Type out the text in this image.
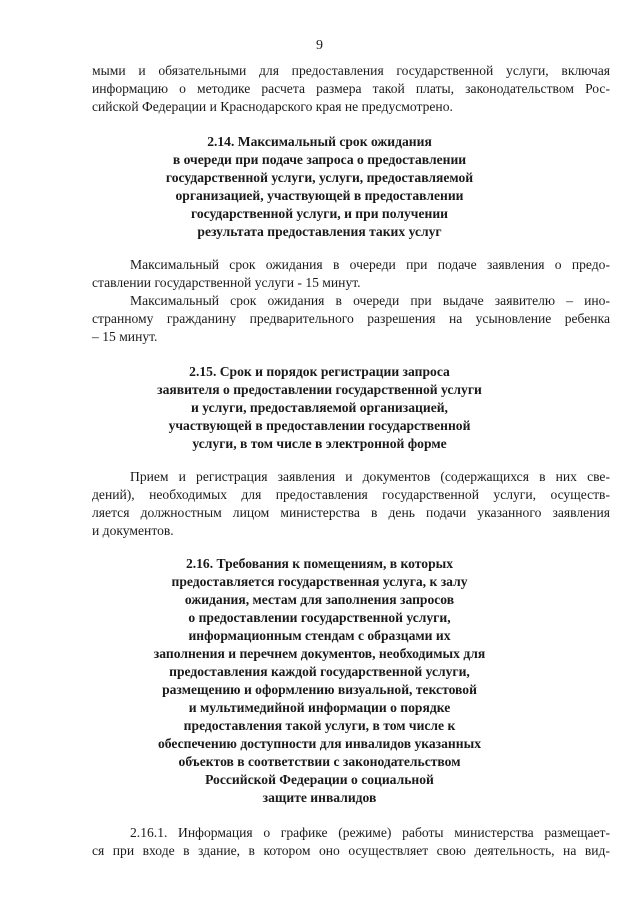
9
мыми и обязательными для предоставления государственной услуги, включая
информацию о методике расчета размера такой платы, законодательством Рос-
сийской Федерации и Краснодарского края не предусмотрено.
2.14. Максимальный срок ожидания
в очереди при подаче запроса о предоставлении
государственной услуги, услуги, предоставляемой
организацией, участвующей в предоставлении
государственной услуги, и при получении
результата предоставления таких услуг
Максимальный срок ожидания в очереди при подаче заявления о предо-
ставлении государственной услуги - 15 минут.
Максимальный срок ожидания в очереди при выдаче заявителю – ино-
странному гражданину предварительного разрешения на усыновление ребенка
– 15 минут.
2.15. Срок и порядок регистрации запроса
заявителя о предоставлении государственной услуги
и услуги, предоставляемой организацией,
участвующей в предоставлении государственной
услуги, в том числе в электронной форме
Прием и регистрация заявления и документов (содержащихся в них све-
дений), необходимых для предоставления государственной услуги, осуществ-
ляется должностным лицом министерства в день подачи указанного заявления
и документов.
2.16. Требования к помещениям, в которых
предоставляется государственная услуга, к залу
ожидания, местам для заполнения запросов
о предоставлении государственной услуги,
информационным стендам с образцами их
заполнения и перечнем документов, необходимых для
предоставления каждой государственной услуги,
размещению и оформлению визуальной, текстовой
и мультимедийной информации о порядке
предоставления такой услуги, в том числе к
обеспечению доступности для инвалидов указанных
объектов в соответствии с законодательством
Российской Федерации о социальной
защите инвалидов
2.16.1. Информация о графике (режиме) работы министерства размещает-
ся при входе в здание, в котором оно осуществляет свою деятельность, на вид-
